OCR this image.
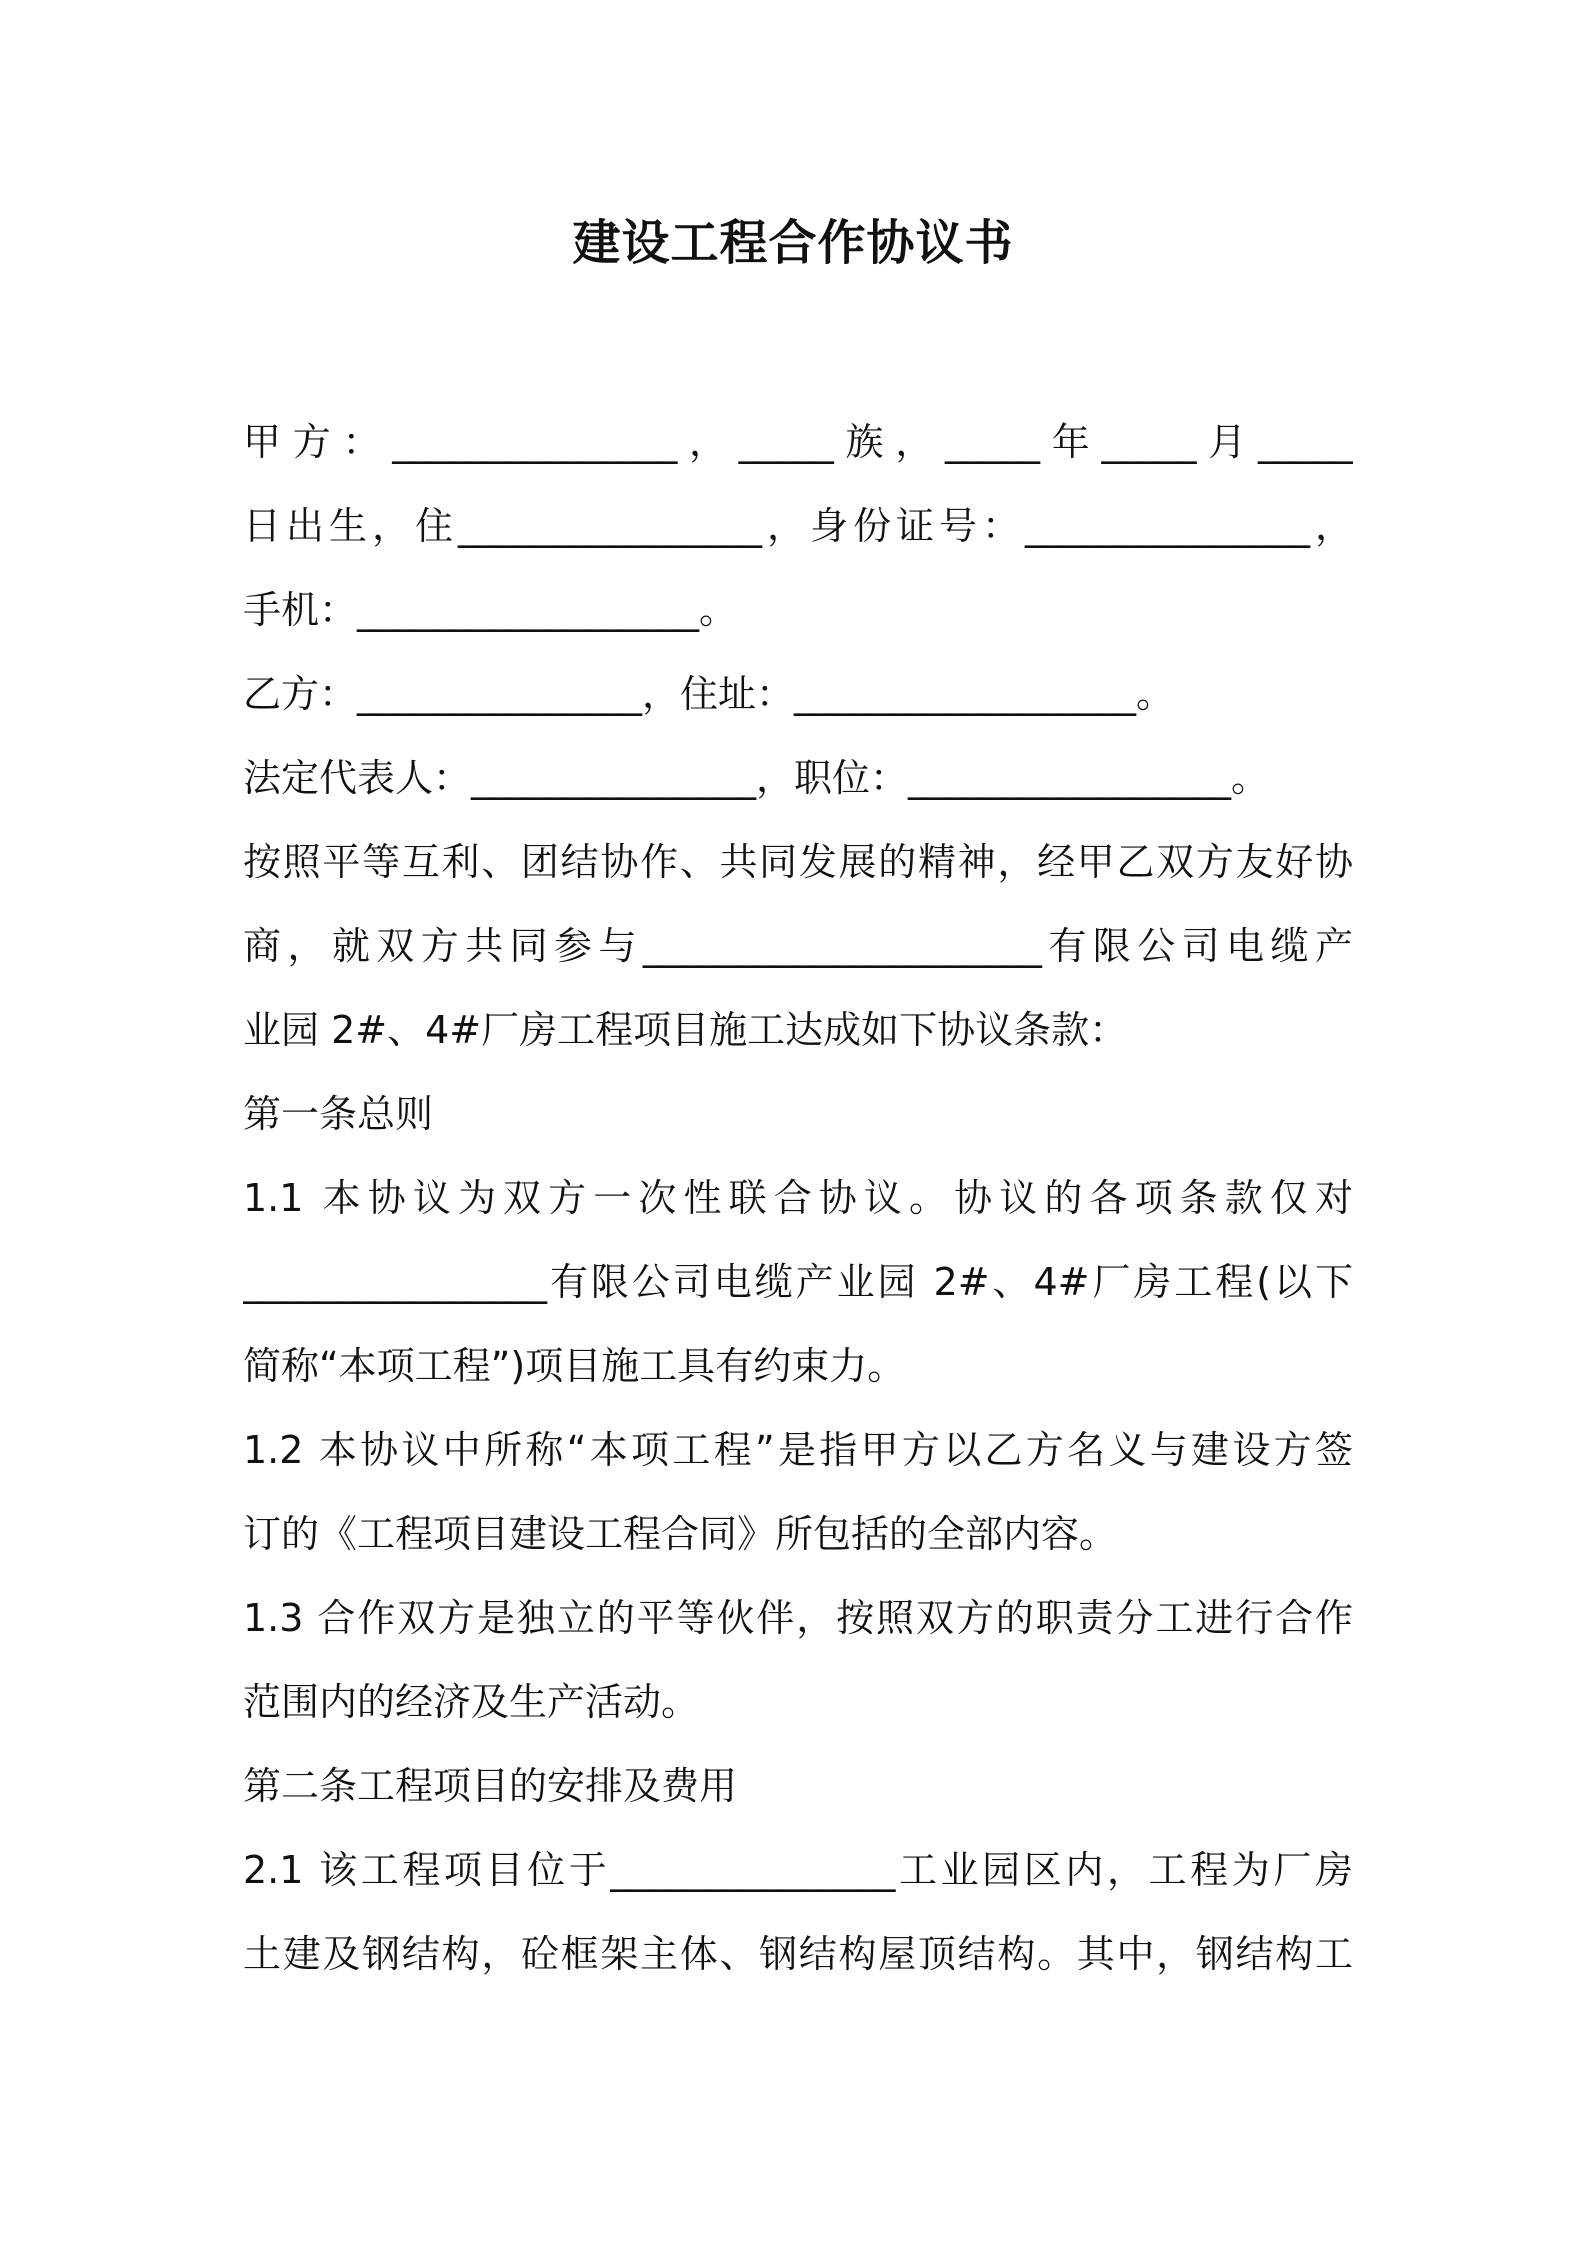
建设工程合作协议书
甲方：_______________，_____族，_____年_____月_____
日出生，住________________，身份证号：_______________，
手机：__________________。
乙方：_______________，住址：__________________。
法定代表人：_______________，职位：_________________。
按照平等互利、团结协作、共同发展的精神，经甲乙双方友好协
商，就双方共同参与_____________________有限公司电缆产
业园 2#、4#厂房工程项目施工达成如下协议条款：
第一条总则
1.1 本协议为双方一次性联合协议。协议的各项条款仅对
________________有限公司电缆产业园 2#、4#厂房工程(以下
简称“本项工程”)项目施工具有约束力。
1.2 本协议中所称“本项工程”是指甲方以乙方名义与建设方签
订的《工程项目建设工程合同》所包括的全部内容。
1.3 合作双方是独立的平等伙伴，按照双方的职责分工进行合作
范围内的经济及生产活动。
第二条工程项目的安排及费用
2.1 该工程项目位于_______________工业园区内，工程为厂房
土建及钢结构，砼框架主体、钢结构屋顶结构。其中，钢结构工
